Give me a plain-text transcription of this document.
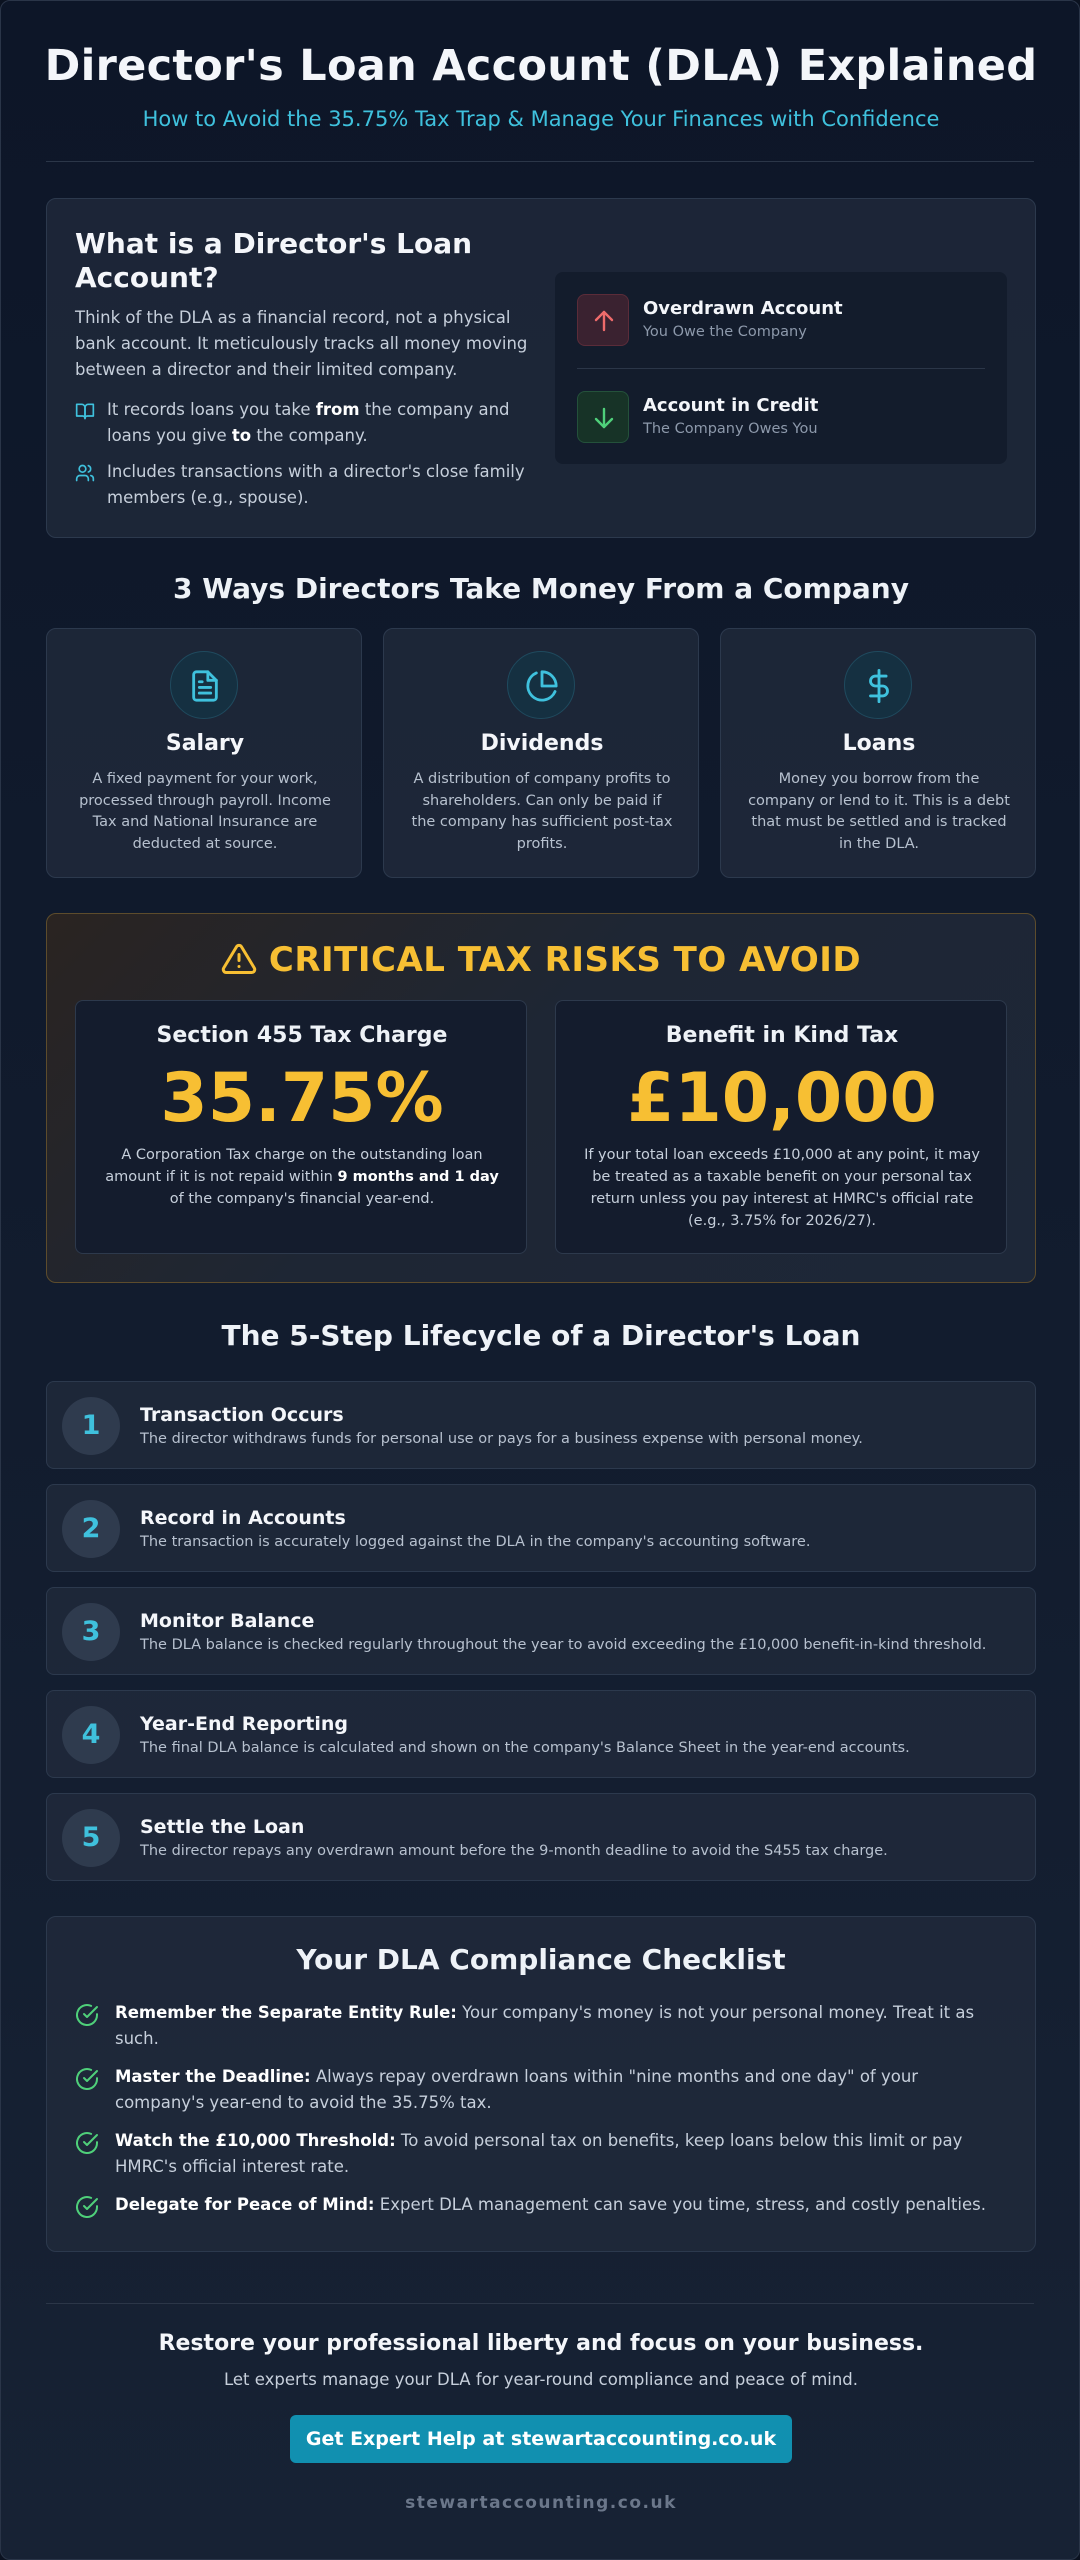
Director's Loan Account (DLA) Explained
How to Avoid the 35.75% Tax Trap & Manage Your Finances with Confidence
What is a Director's Loan Account?

Think of the DLA as a financial record, not a physical bank account. It meticulously tracks all money moving between a director and their limited company.

It records loans you take from the company and loans you give to the company.
Includes transactions with a director's close family members (e.g., spouse).
Overdrawn Account
You Owe the Company
Account in Credit
The Company Owes You
3 Ways Directors Take Money From a Company
Salary
A fixed payment for your work, processed through payroll. Income Tax and National Insurance are deducted at source.
Dividends
A distribution of company profits to shareholders. Can only be paid if the company has sufficient post-tax profits.
Loans
Money you borrow from the company or lend to it. This is a debt that must be settled and is tracked in the DLA.
CRITICAL TAX RISKS TO AVOID
Section 455 Tax Charge
35.75%
A Corporation Tax charge on the outstanding loan amount if it is not repaid within 9 months and 1 day of the company's financial year-end.
Benefit in Kind Tax
£10,000
If your total loan exceeds £10,000 at any point, it may be treated as a taxable benefit on your personal tax return unless you pay interest at HMRC's official rate (e.g., 3.75% for 2026/27).
The 5-Step Lifecycle of a Director's Loan
1	Transaction Occurs
The director withdraws funds for personal use or pays for a business expense with personal money.
2	Record in Accounts
The transaction is accurately logged against the DLA in the company's accounting software.
3	Monitor Balance
The DLA balance is checked regularly throughout the year to avoid exceeding the £10,000 benefit-in-kind threshold.
4	Year-End Reporting
The final DLA balance is calculated and shown on the company's Balance Sheet in the year-end accounts.
5	Settle the Loan
The director repays any overdrawn amount before the 9-month deadline to avoid the S455 tax charge.
Your DLA Compliance Checklist
Remember the Separate Entity Rule: Your company's money is not your personal money. Treat it as such.
Master the Deadline: Always repay overdrawn loans within "nine months and one day" of your company's year-end to avoid the 35.75% tax.
Watch the £10,000 Threshold: To avoid personal tax on benefits, keep loans below this limit or pay HMRC's official interest rate.
Delegate for Peace of Mind: Expert DLA management can save you time, stress, and costly penalties.
Restore your professional liberty and focus on your business.
Let experts manage your DLA for year-round compliance and peace of mind.
Get Expert Help at stewartaccounting.co.uk
stewartaccounting.co.uk
